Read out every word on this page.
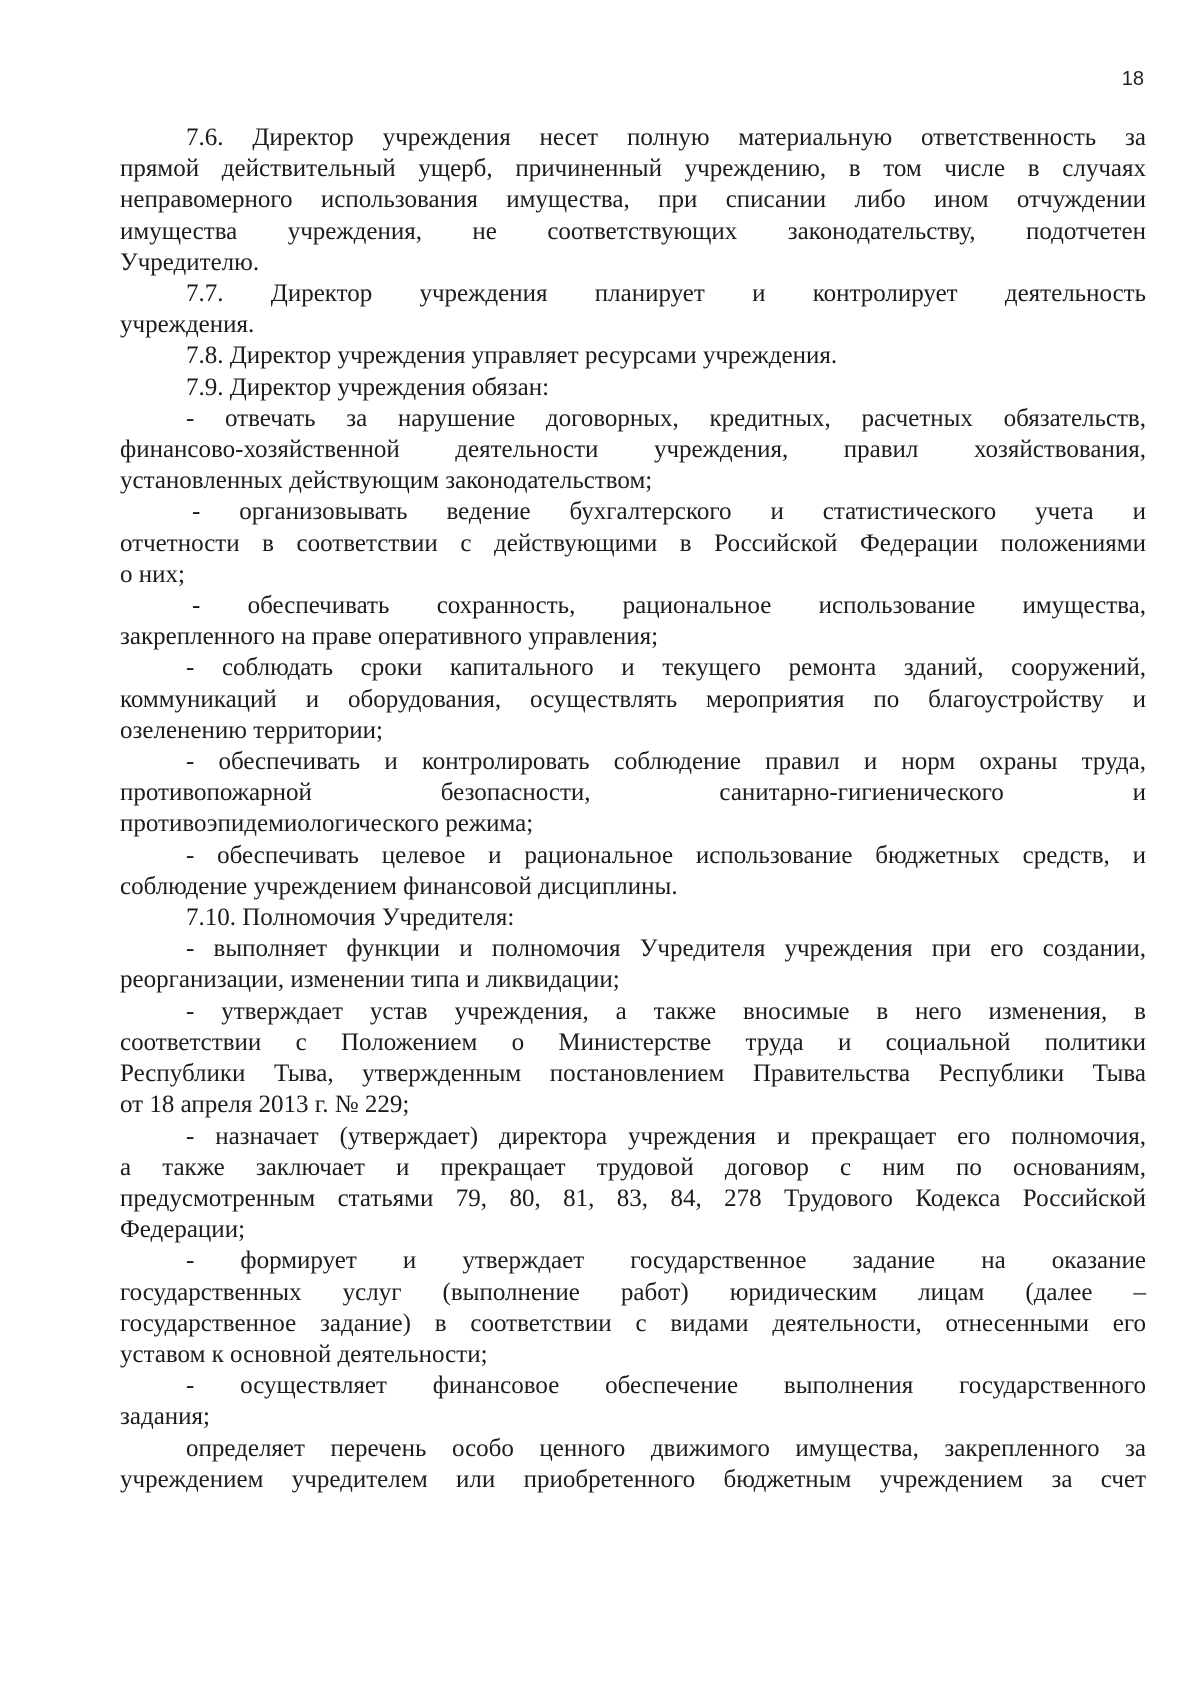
18

7.6. Директор учреждения несет полную материальную ответственность за

прямой действительный ущерб, причиненный учреждению, в том числе в случаях

неправомерного использования имущества, при списании либо ином отчуждении

имущества учреждения, не соответствующих законодательству, подотчетен

Учредителю.

7.7. Директор учреждения планирует и контролирует деятельность

учреждения.

7.8. Директор учреждения управляет ресурсами учреждения.

7.9. Директор учреждения обязан:

- отвечать за нарушение договорных, кредитных, расчетных обязательств,

финансово-хозяйственной деятельности учреждения, правил хозяйствования,

установленных действующим законодательством;

- организовывать ведение бухгалтерского и статистического учета и

отчетности в соответствии с действующими в Российской Федерации положениями

о них;

- обеспечивать сохранность, рациональное использование имущества,

закрепленного на праве оперативного управления;

- соблюдать сроки капитального и текущего ремонта зданий, сооружений,

коммуникаций и оборудования, осуществлять мероприятия по благоустройству и

озеленению территории;

- обеспечивать и контролировать соблюдение правил и норм охраны труда,

противопожарной безопасности, санитарно-гигиенического и

противоэпидемиологического режима;

- обеспечивать целевое и рациональное использование бюджетных средств, и

соблюдение учреждением финансовой дисциплины.

7.10. Полномочия Учредителя:

- выполняет функции и полномочия Учредителя учреждения при его создании,

реорганизации, изменении типа и ликвидации;

- утверждает устав учреждения, а также вносимые в него изменения, в

соответствии с Положением о Министерстве труда и социальной политики

Республики Тыва, утвержденным постановлением Правительства Республики Тыва

от 18 апреля 2013 г. № 229;

- назначает (утверждает) директора учреждения и прекращает его полномочия,

а также заключает и прекращает трудовой договор с ним по основаниям,

предусмотренным статьями 79, 80, 81, 83, 84, 278 Трудового Кодекса Российской

Федерации;

- формирует и утверждает государственное задание на оказание

государственных услуг (выполнение работ) юридическим лицам (далее –

государственное задание) в соответствии с видами деятельности, отнесенными его

уставом к основной деятельности;

- осуществляет финансовое обеспечение выполнения государственного

задания;

определяет перечень особо ценного движимого имущества, закрепленного за

учреждением учредителем или приобретенного бюджетным учреждением за счет
